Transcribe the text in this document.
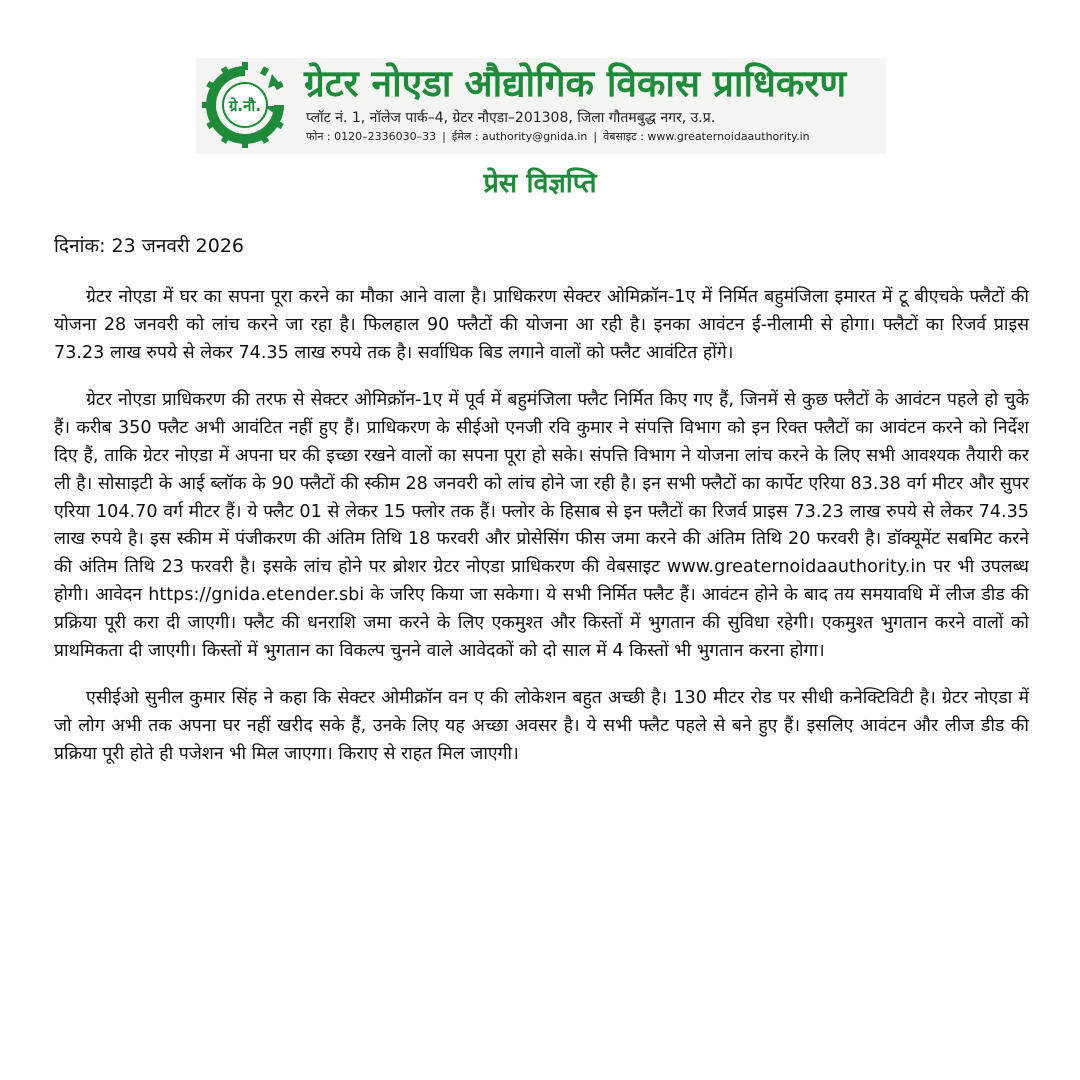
ग्रे.नौ.
ग्रेटर नोएडा औद्योगिक विकास प्राधिकरण
प्लॉट नं. 1, नॉलेज पार्क–4, ग्रेटर नौएडा–201308, जिला गौतमबुद्ध नगर, उ.प्र.
फोन : 0120–2336030–33 | ईमेल : authority@gnida.in | वेबसाइट : www.greaternoidaauthority.in
प्रेस विज्ञप्ति
दिनांक: 23 जनवरी 2026

ग्रेटर नोएडा में घर का सपना पूरा करने का मौका आने वाला है। प्राधिकरण सेक्टर ओमिक्रॉन-1ए में निर्मित बहुमंजिला इमारत में टू बीएचके फ्लैटों की योजना 28 जनवरी को लांच करने जा रहा है। फिलहाल 90 फ्लैटों की योजना आ रही है। इनका आवंटन ई-नीलामी से होगा। फ्लैटों का रिजर्व प्राइस 73.23 लाख रुपये से लेकर 74.35 लाख रुपये तक है। सर्वाधिक बिड लगाने वालों को फ्लैट आवंटित होंगे।

ग्रेटर नोएडा प्राधिकरण की तरफ से सेक्टर ओमिक्रॉन-1ए में पूर्व में बहुमंजिला फ्लैट निर्मित किए गए हैं, जिनमें से कुछ फ्लैटों के आवंटन पहले हो चुके हैं। करीब 350 फ्लैट अभी आवंटित नहीं हुए हैं। प्राधिकरण के सीईओ एनजी रवि कुमार ने संपत्ति विभाग को इन रिक्त फ्लैटों का आवंटन करने को निर्देश दिए हैं, ताकि ग्रेटर नोएडा में अपना घर की इच्छा रखने वालों का सपना पूरा हो सके। संपत्ति विभाग ने योजना लांच करने के लिए सभी आवश्यक तैयारी कर ली है। सोसाइटी के आई ब्लॉक के 90 फ्लैटों की स्कीम 28 जनवरी को लांच होने जा रही है। इन सभी फ्लैटों का कार्पेट एरिया 83.38 वर्ग मीटर और सुपर एरिया 104.70 वर्ग मीटर हैं। ये फ्लैट 01 से लेकर 15 फ्लोर तक हैं। फ्लोर के हिसाब से इन फ्लैटों का रिजर्व प्राइस 73.23 लाख रुपये से लेकर 74.35 लाख रुपये है। इस स्कीम में पंजीकरण की अंतिम तिथि 18 फरवरी और प्रोसेसिंग फीस जमा करने की अंतिम तिथि 20 फरवरी है। डॉक्यूमेंट सबमिट करने की अंतिम तिथि 23 फरवरी है। इसके लांच होने पर ब्रोशर ग्रेटर नोएडा प्राधिकरण की वेबसाइट www.greaternoidaauthority.in पर भी उपलब्ध होगी। आवेदन https://gnida.etender.sbi के जरिए किया जा सकेगा। ये सभी निर्मित फ्लैट हैं। आवंटन होने के बाद तय समयावधि में लीज डीड की प्रक्रिया पूरी करा दी जाएगी। फ्लैट की धनराशि जमा करने के लिए एकमुश्त और किस्तों में भुगतान की सुविधा रहेगी। एकमुश्त भुगतान करने वालों को प्राथमिकता दी जाएगी। किस्तों में भुगतान का विकल्प चुनने वाले आवेदकों को दो साल में 4 किस्तों भी भुगतान करना होगा।

एसीईओ सुनील कुमार सिंह ने कहा कि सेक्टर ओमीक्रॉन वन ए की लोकेशन बहुत अच्छी है। 130 मीटर रोड पर सीधी कनेक्टिविटी है। ग्रेटर नोएडा में जो लोग अभी तक अपना घर नहीं खरीद सके हैं, उनके लिए यह अच्छा अवसर है। ये सभी फ्लैट पहले से बने हुए हैं। इसलिए आवंटन और लीज डीड की प्रक्रिया पूरी होते ही पजेशन भी मिल जाएगा। किराए से राहत मिल जाएगी।
